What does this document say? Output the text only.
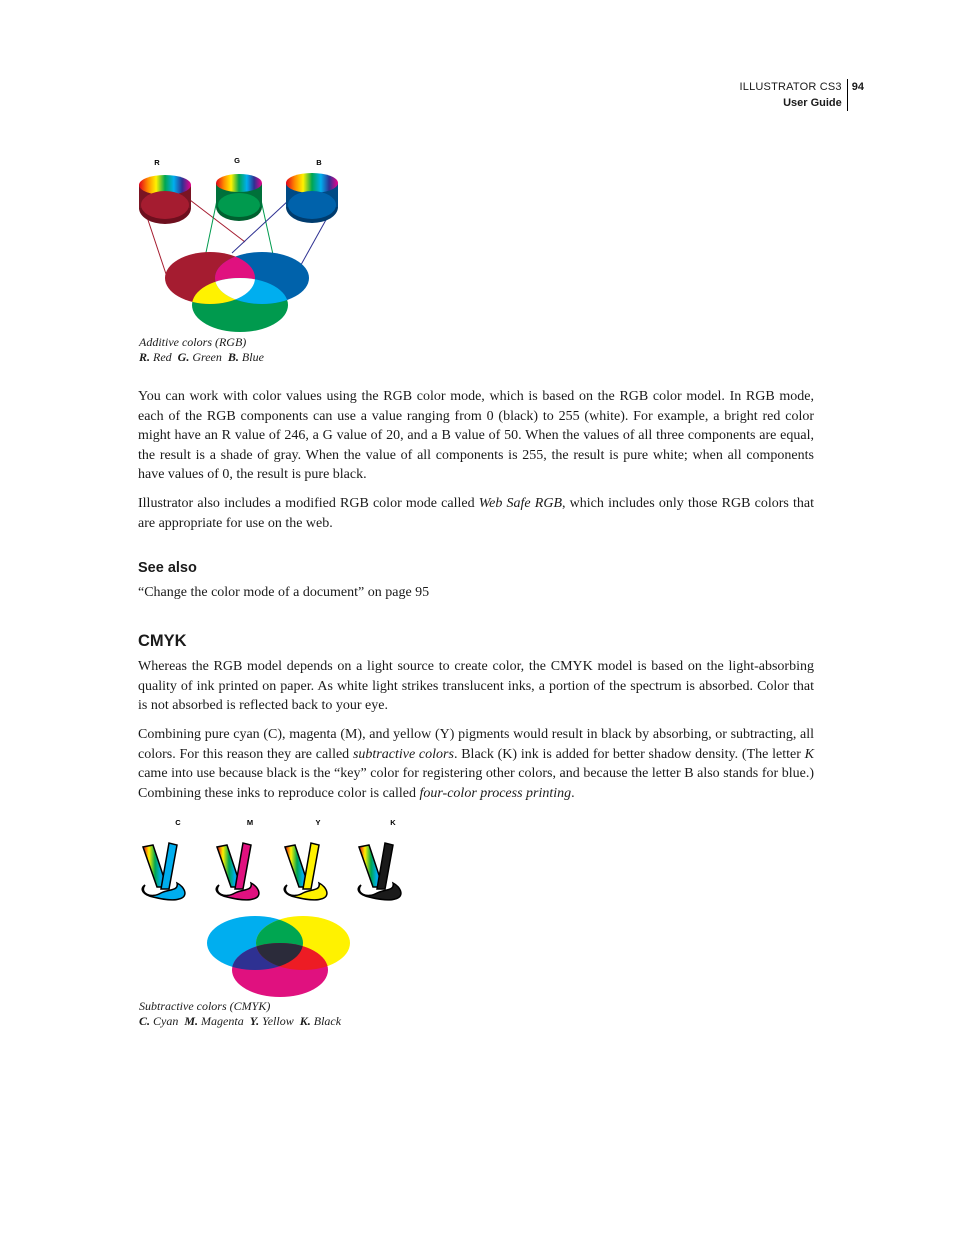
ILLUSTRATOR CS3
User Guide
94
R	G	B
Additive colors (RGB)
R. Red G. Green B. Blue

You can work with color values using the RGB color mode, which is based on the RGB color model. In RGB mode, each of the RGB components can use a value ranging from 0 (black) to 255 (white). For example, a bright red color might have an R value of 246, a G value of 20, and a B value of 50. When the values of all three components are equal, the result is a shade of gray. When the value of all components is 255, the result is pure white; when all components have values of 0, the result is pure black.

Illustrator also includes a modified RGB color mode called Web Safe RGB, which includes only those RGB colors that are appropriate for use on the web.

See also
“Change the color mode of a document” on page 95
CMYK

Whereas the RGB model depends on a light source to create color, the CMYK model is based on the light-absorbing quality of ink printed on paper. As white light strikes translucent inks, a portion of the spectrum is absorbed. Color that is not absorbed is reflected back to your eye.

Combining pure cyan (C), magenta (M), and yellow (Y) pigments would result in black by absorbing, or subtracting, all colors. For this reason they are called subtractive colors. Black (K) ink is added for better shadow density. (The letter K came into use because black is the “key” color for registering other colors, and because the letter B also stands for blue.) Combining these inks to reproduce color is called four-color process printing.

C	M	Y	K
Subtractive colors (CMYK)
C. Cyan M. Magenta Y. Yellow K. Black
